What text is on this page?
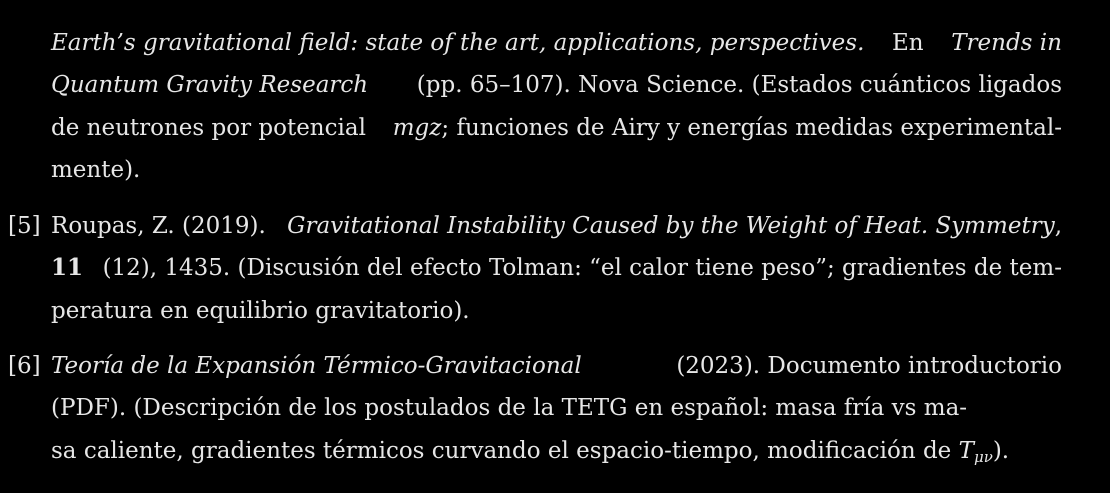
Earth’s gravitational field: state of the art, applications, perspectives. En Trends in
Quantum Gravity Research (pp. 65–107). Nova Science. (Estados cuánticos ligados
de neutrones por potencial mgz; funciones de Airy y energías medidas experimental-
mente).
[5] Roupas, Z. (2019). Gravitational Instability Caused by the Weight of Heat. Symmetry,
11 (12), 1435. (Discusión del efecto Tolman: “el calor tiene peso”; gradientes de tem-
peratura en equilibrio gravitatorio).
[6] Teoría de la Expansión Térmico-Gravitacional	(2023). Documento introductorio
(PDF). (Descripción de los postulados de la TETG en español: masa fría vs ma-
sa caliente, gradientes térmicos curvando el espacio-tiempo, modificación de $T_{\mu\nu}$).
